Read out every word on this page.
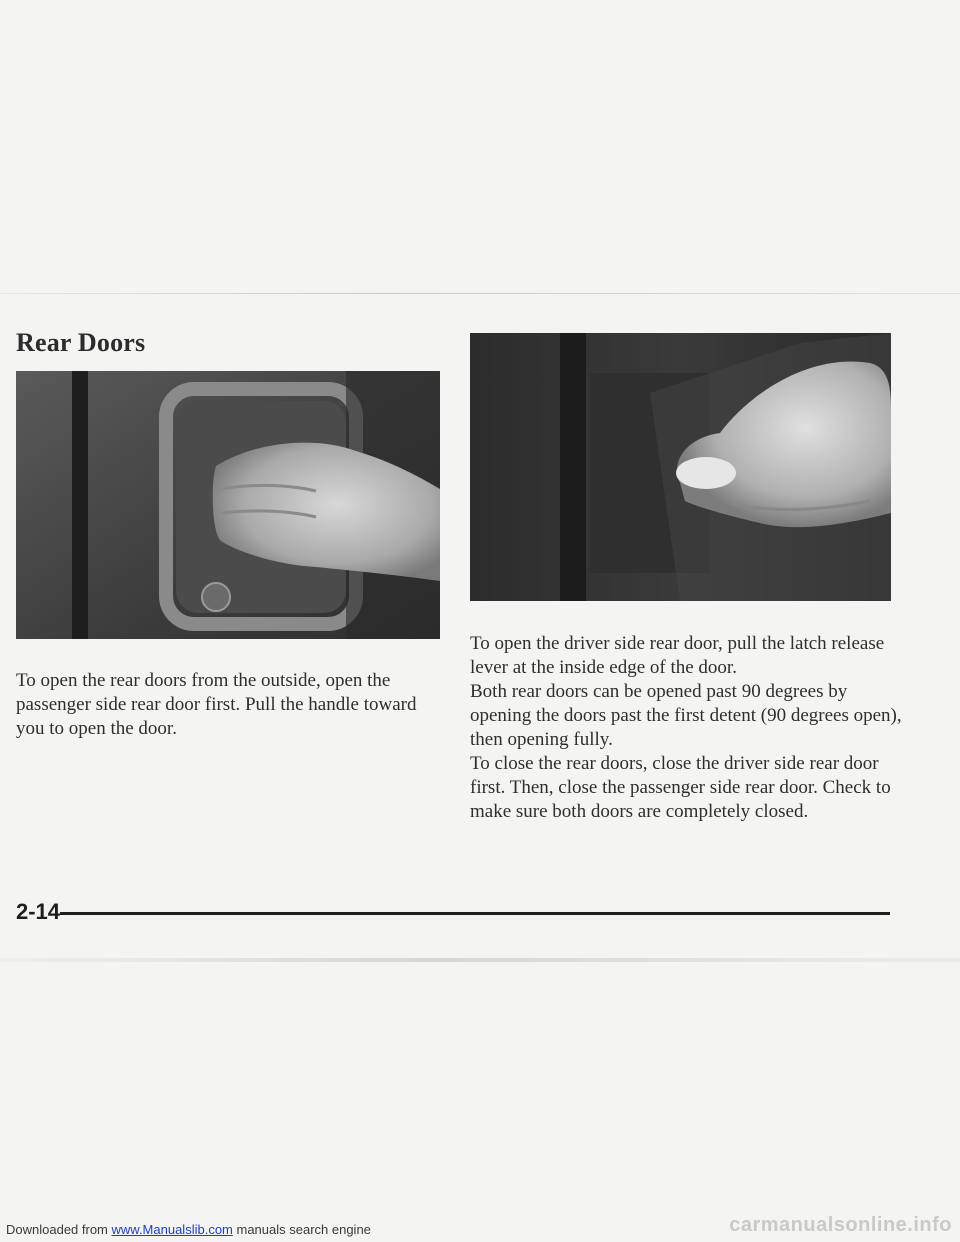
Rear Doors

To open the rear doors from the outside, open the passenger side rear door first. Pull the handle toward you to open the door.

To open the driver side rear door, pull the latch release lever at the inside edge of the door.

Both rear doors can be opened past 90 degrees by opening the doors past the first detent (90 degrees open), then opening fully.

To close the rear doors, close the driver side rear door first. Then, close the passenger side rear door. Check to make sure both doors are completely closed.

2-14

Downloaded from www.Manualslib.com manuals search engine	carmanualsonline.info
